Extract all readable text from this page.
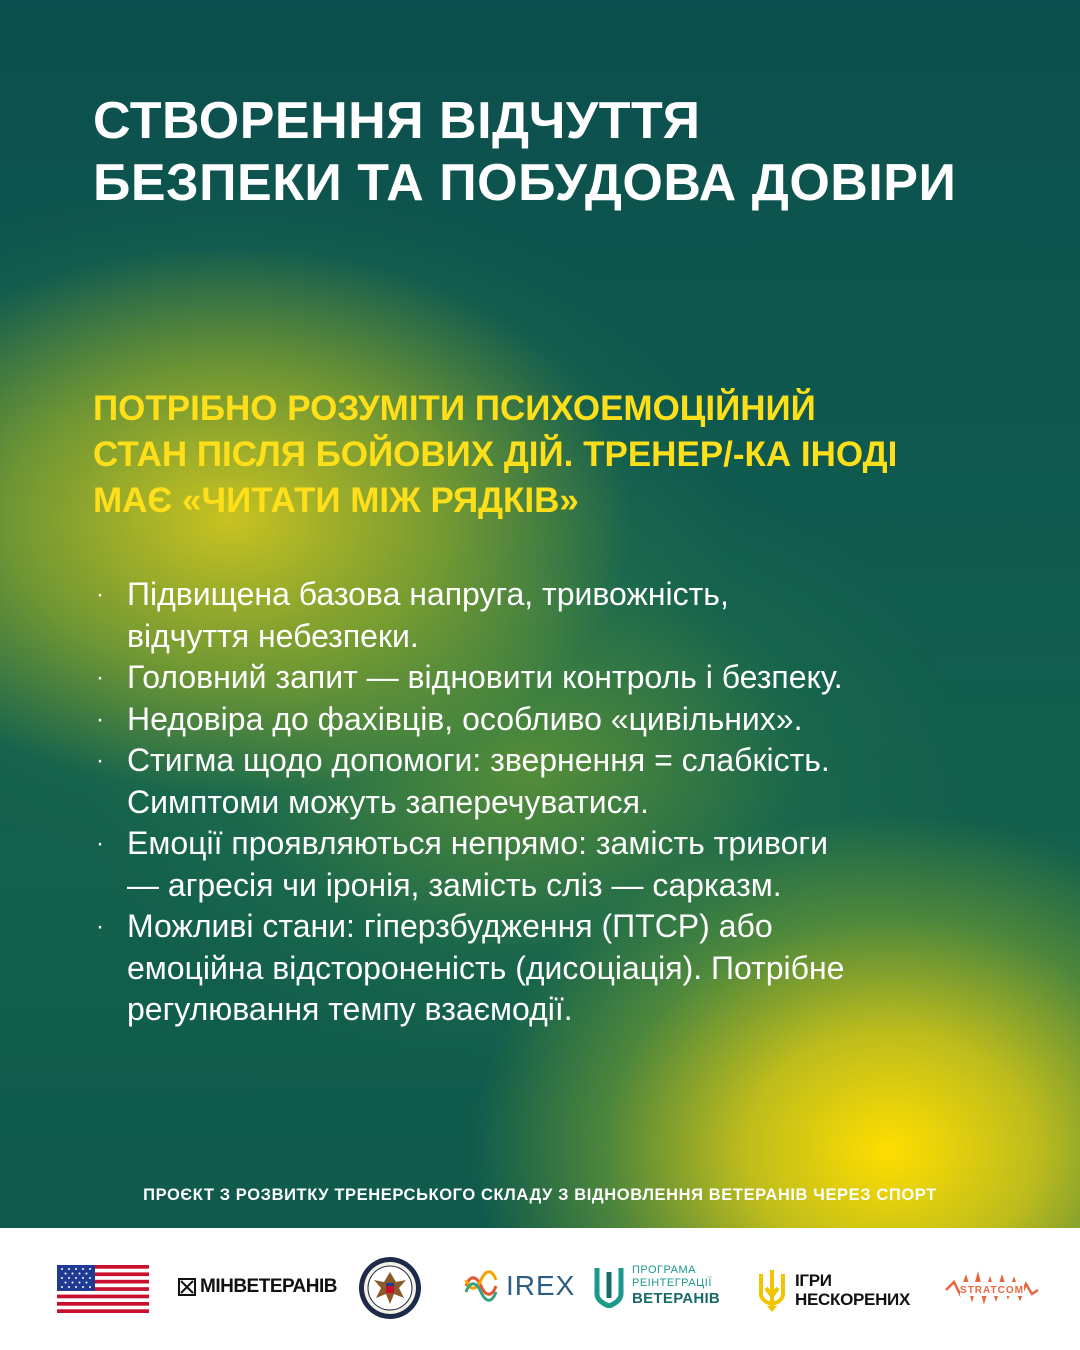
СТВОРЕННЯ ВІДЧУТТЯ
БЕЗПЕКИ ТА ПОБУДОВА ДОВІРИ
ПОТРІБНО РОЗУМІТИ ПСИХОЕМОЦІЙНИЙ
СТАН ПІСЛЯ БОЙОВИХ ДІЙ. ТРЕНЕР/-КА ІНОДІ
МАЄ «ЧИТАТИ МІЖ РЯДКІВ»
· Підвищена базова напруга, тривожність,
відчуття небезпеки.
· Головний запит — відновити контроль і безпеку.
· Недовіра до фахівців, особливо «цивільних».
· Стигма щодо допомоги: звернення = слабкість.
Симптоми можуть заперечуватися.
· Емоції проявляються непрямо: замість тривоги
— агресія чи іронія, замість сліз — сарказм.
· Можливі стани: гіперзбудження (ПТСР) або
емоційна відстороненість (дисоціація). Потрібне
регулювання темпу взаємодії.
ПРОЄКТ З РОЗВИТКУ ТРЕНЕРСЬКОГО СКЛАДУ З ВІДНОВЛЕННЯ ВЕТЕРАНІВ ЧЕРЕЗ СПОРТ
МІНВЕТЕРАНІВ	IREX	ПРОГРАМА
РЕІНТЕГРАЦІЇ
ВЕТЕРАНІВ
ІГРИ
НЕСКОРЕНИХ	STRATCOM
